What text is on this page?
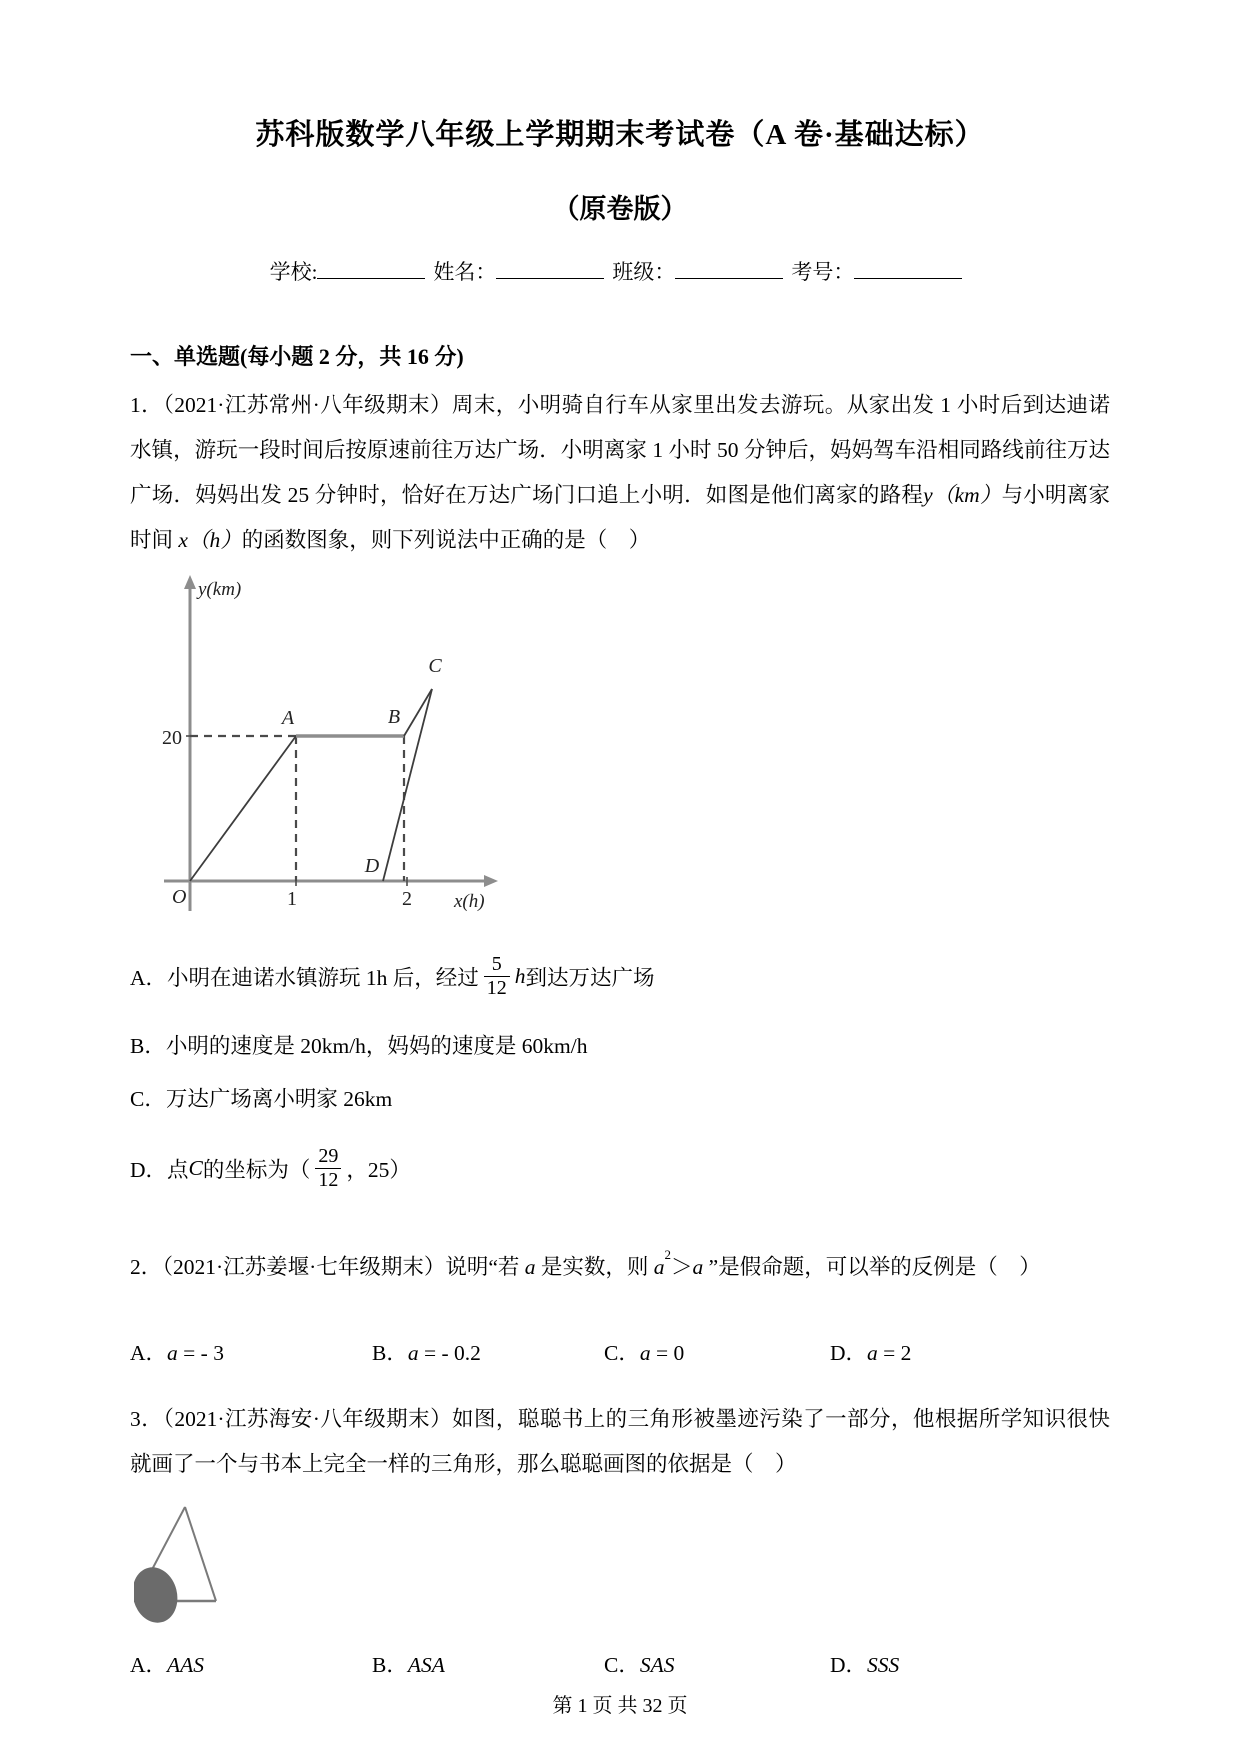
苏科版数学八年级上学期期末考试卷（A 卷·基础达标）
（原卷版）
学校:	姓名：	班级：	考号：
一、单选题(每小题 2 分，共 16 分)
1．（2021·江苏常州·八年级期末）周末，小明骑自行车从家里出发去游玩。从家出发 1 小时后到达迪诺水镇，游玩一段时间后按原速前往万达广场．小明离家 1 小时 50 分钟后，妈妈驾车沿相同路线前往万达广场．妈妈出发 25 分钟时，恰好在万达广场门口追上小明．如图是他们离家的路程y（km）与小明离家时间 x（h）的函数图象，则下列说法中正确的是（　）
y(km)
x(h)
O
20
1	2
A	B
C
D
A．小明在迪诺水镇游玩 1h 后，经过 $\frac{5}{12}$ h 到达万达广场
B．小明的速度是 20km/h，妈妈的速度是 60km/h
C．万达广场离小明家 26km
D．点 C 的坐标为（ $\frac{29}{12}$ ，25）
2．（2021·江苏姜堰·七年级期末）说明“若 a 是实数，则 $a^2>a$ ”是假命题，可以举的反例是（　）
A．a = - 3	B．a = - 0.2	C．a = 0	D．a = 2
3．（2021·江苏海安·八年级期末）如图，聪聪书上的三角形被墨迹污染了一部分，他根据所学知识很快就画了一个与书本上完全一样的三角形，那么聪聪画图的依据是（　）
A．AAS	B．ASA	C．SAS	D．SSS
第 1 页 共 32 页
